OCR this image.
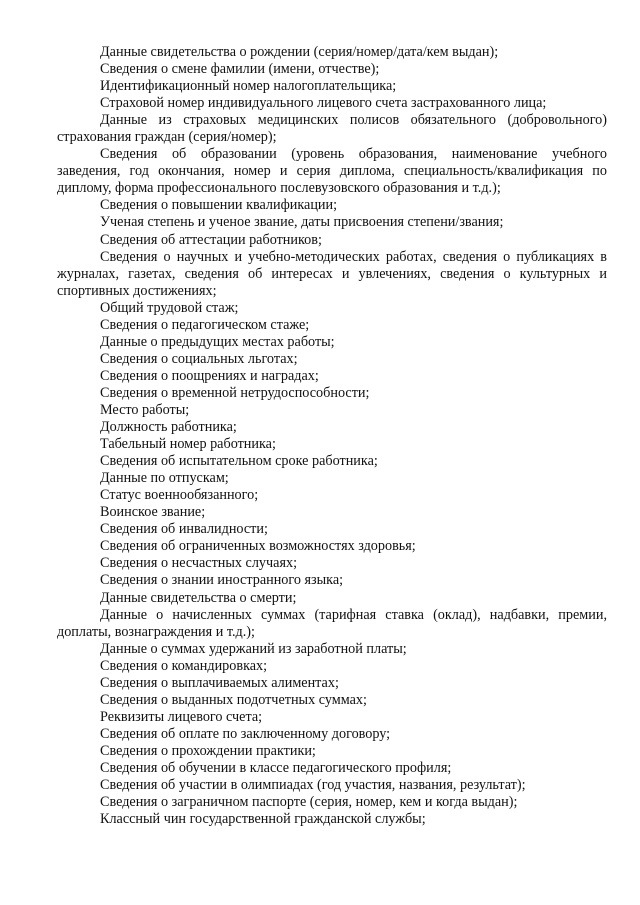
Данные свидетельства о рождении (серия/номер/дата/кем выдан);

Сведения о смене фамилии (имени, отчестве);

Идентификационный номер налогоплательщика;

Страховой номер индивидуального лицевого счета застрахованного лица;

Данные из страховых медицинских полисов обязательного (добровольного) страхования граждан (серия/номер);

Сведения об образовании (уровень образования, наименование учебного заведения, год окончания, номер и серия диплома, специальность/квалификация по диплому, форма профессионального послевузовского образования и т.д.);

Сведения о повышении квалификации;

Ученая степень и ученое звание, даты присвоения степени/звания;

Сведения об аттестации работников;

Сведения о научных и учебно-методических работах, сведения о публикациях в журналах, газетах, сведения об интересах и увлечениях, сведения о культурных и спортивных достижениях;

Общий трудовой стаж;

Сведения о педагогическом стаже;

Данные о предыдущих местах работы;

Сведения о социальных льготах;

Сведения о поощрениях и наградах;

Сведения о временной нетрудоспособности;

Место работы;

Должность работника;

Табельный номер работника;

Сведения об испытательном сроке работника;

Данные по отпускам;

Статус военнообязанного;

Воинское звание;

Сведения об инвалидности;

Сведения об ограниченных возможностях здоровья;

Сведения о несчастных случаях;

Сведения о знании иностранного языка;

Данные свидетельства о смерти;

Данные о начисленных суммах (тарифная ставка (оклад), надбавки, премии, доплаты, вознаграждения и т.д.);

Данные о суммах удержаний из заработной платы;

Сведения о командировках;

Сведения о выплачиваемых алиментах;

Сведения о выданных подотчетных суммах;

Реквизиты лицевого счета;

Сведения об оплате по заключенному договору;

Сведения о прохождении практики;

Сведения об обучении в классе педагогического профиля;

Сведения об участии в олимпиадах (год участия, названия, результат);

Сведения о заграничном паспорте (серия, номер, кем и когда выдан);

Классный чин государственной гражданской службы;
